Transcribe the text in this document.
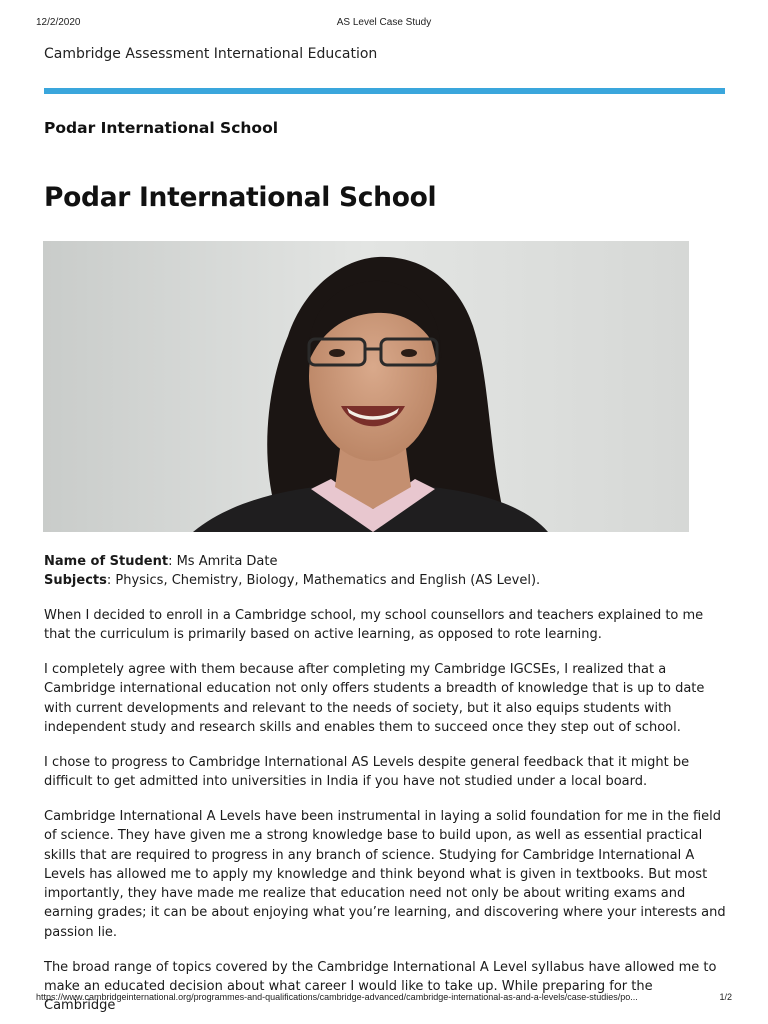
12/2/2020	AS Level Case Study
Cambridge Assessment International Education
Podar International School
Podar International School

Name of Student: Ms Amrita Date
Subjects: Physics, Chemistry, Biology, Mathematics and English (AS Level).

When I decided to enroll in a Cambridge school, my school counsellors and teachers explained to me that the curriculum is primarily based on active learning, as opposed to rote learning.

I completely agree with them because after completing my Cambridge IGCSEs, I realized that a Cambridge international education not only offers students a breadth of knowledge that is up to date with current developments and relevant to the needs of society, but it also equips students with independent study and research skills and enables them to succeed once they step out of school.

I chose to progress to Cambridge International AS Levels despite general feedback that it might be difficult to get admitted into universities in India if you have not studied under a local board.

Cambridge International A Levels have been instrumental in laying a solid foundation for me in the field of science. They have given me a strong knowledge base to build upon, as well as essential practical skills that are required to progress in any branch of science. Studying for Cambridge International A Levels has allowed me to apply my knowledge and think beyond what is given in textbooks. But most importantly, they have made me realize that education need not only be about writing exams and earning grades; it can be about enjoying what you’re learning, and discovering where your interests and passion lie.

The broad range of topics covered by the Cambridge International A Level syllabus have allowed me to make an educated decision about what career I would like to take up. While preparing for the Cambridge

https://www.cambridgeinternational.org/programmes-and-qualifications/cambridge-advanced/cambridge-international-as-and-a-levels/case-studies/po...	1/2
